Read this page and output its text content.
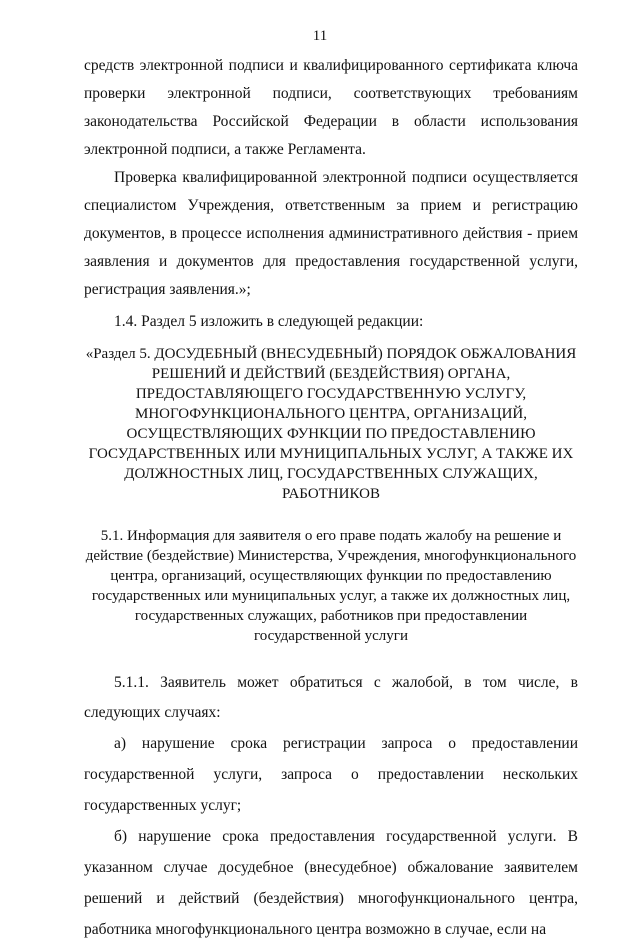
11

средств электронной подписи и квалифицированного сертификата ключа проверки электронной подписи, соответствующих требованиям законодательства Российской Федерации в области использования электронной подписи, а также Регламента.

Проверка квалифицированной электронной подписи осуществляется специалистом Учреждения, ответственным за прием и регистрацию документов, в процессе исполнения административного действия - прием заявления и документов для предоставления государственной услуги, регистрация заявления.»;

1.4. Раздел 5 изложить в следующей редакции:

«Раздел 5. ДОСУДЕБНЫЙ (ВНЕСУДЕБНЫЙ) ПОРЯДОК ОБЖАЛОВАНИЯ РЕШЕНИЙ И ДЕЙСТВИЙ (БЕЗДЕЙСТВИЯ) ОРГАНА, ПРЕДОСТАВЛЯЮЩЕГО ГОСУДАРСТВЕННУЮ УСЛУГУ, МНОГОФУНКЦИОНАЛЬНОГО ЦЕНТРА, ОРГАНИЗАЦИЙ, ОСУЩЕСТВЛЯЮЩИХ ФУНКЦИИ ПО ПРЕДОСТАВЛЕНИЮ ГОСУДАРСТВЕННЫХ ИЛИ МУНИЦИПАЛЬНЫХ УСЛУГ, А ТАКЖЕ ИХ ДОЛЖНОСТНЫХ ЛИЦ, ГОСУДАРСТВЕННЫХ СЛУЖАЩИХ, РАБОТНИКОВ

5.1. Информация для заявителя о его праве подать жалобу на решение и действие (бездействие) Министерства, Учреждения, многофункционального центра, организаций, осуществляющих функции по предоставлению государственных или муниципальных услуг, а также их должностных лиц, государственных служащих, работников при предоставлении государственной услуги

5.1.1. Заявитель может обратиться с жалобой, в том числе, в следующих случаях:

а) нарушение срока регистрации запроса о предоставлении государственной услуги, запроса о предоставлении нескольких государственных услуг;

б) нарушение срока предоставления государственной услуги. В указанном случае досудебное (внесудебное) обжалование заявителем решений и действий (бездействия) многофункционального центра, работника многофункционального центра возможно в случае, если на
